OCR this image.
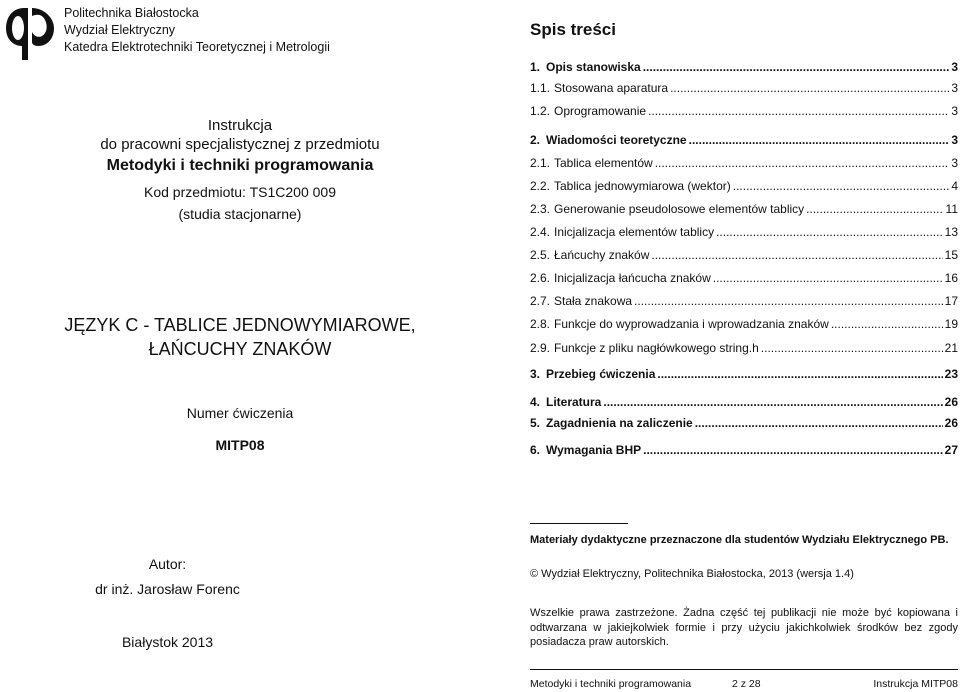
Politechnika Białostocka
Wydział Elektryczny
Katedra Elektrotechniki Teoretycznej i Metrologii
Instrukcja
do pracowni specjalistycznej z przedmiotu
Metodyki i techniki programowania
Kod przedmiotu: TS1C200 009
(studia stacjonarne)
JĘZYK C - TABLICE JEDNOWYMIAROWE,
ŁAŃCUCHY ZNAKÓW
Numer ćwiczenia
MITP08
Autor:
dr inż. Jarosław Forenc
Białystok 2013
Spis treści
1. Opis stanowiska .....	3
1.1. Stosowana aparatura .....	3
1.2. Oprogramowanie .....	3
2. Wiadomości teoretyczne .....	3
2.1. Tablica elementów .....	3
2.2. Tablica jednowymiarowa (wektor) .....	4
2.3. Generowanie pseudolosowe elementów tablicy .....	11
2.4. Inicjalizacja elementów tablicy .....	13
2.5. Łańcuchy znaków .....	15
2.6. Inicjalizacja łańcucha znaków .....	16
2.7. Stała znakowa .....	17
2.8. Funkcje do wyprowadzania i wprowadzania znaków .....	19
2.9. Funkcje z pliku nagłówkowego string.h .....	21
3. Przebieg ćwiczenia .....	23
4. Literatura .....	26
5. Zagadnienia na zaliczenie .....	26
6. Wymagania BHP .....	27
Materiały dydaktyczne przeznaczone dla studentów Wydziału Elektrycznego PB.
© Wydział Elektryczny, Politechnika Białostocka, 2013 (wersja 1.4)
Wszelkie prawa zastrzeżone. Żadna część tej publikacji nie może być kopiowana i odtwarzana w jakiejkolwiek formie i przy użyciu jakichkolwiek środków bez zgody posiadacza praw autorskich.
Metodyki i techniki programowania	2 z 28	Instrukcja MITP08
